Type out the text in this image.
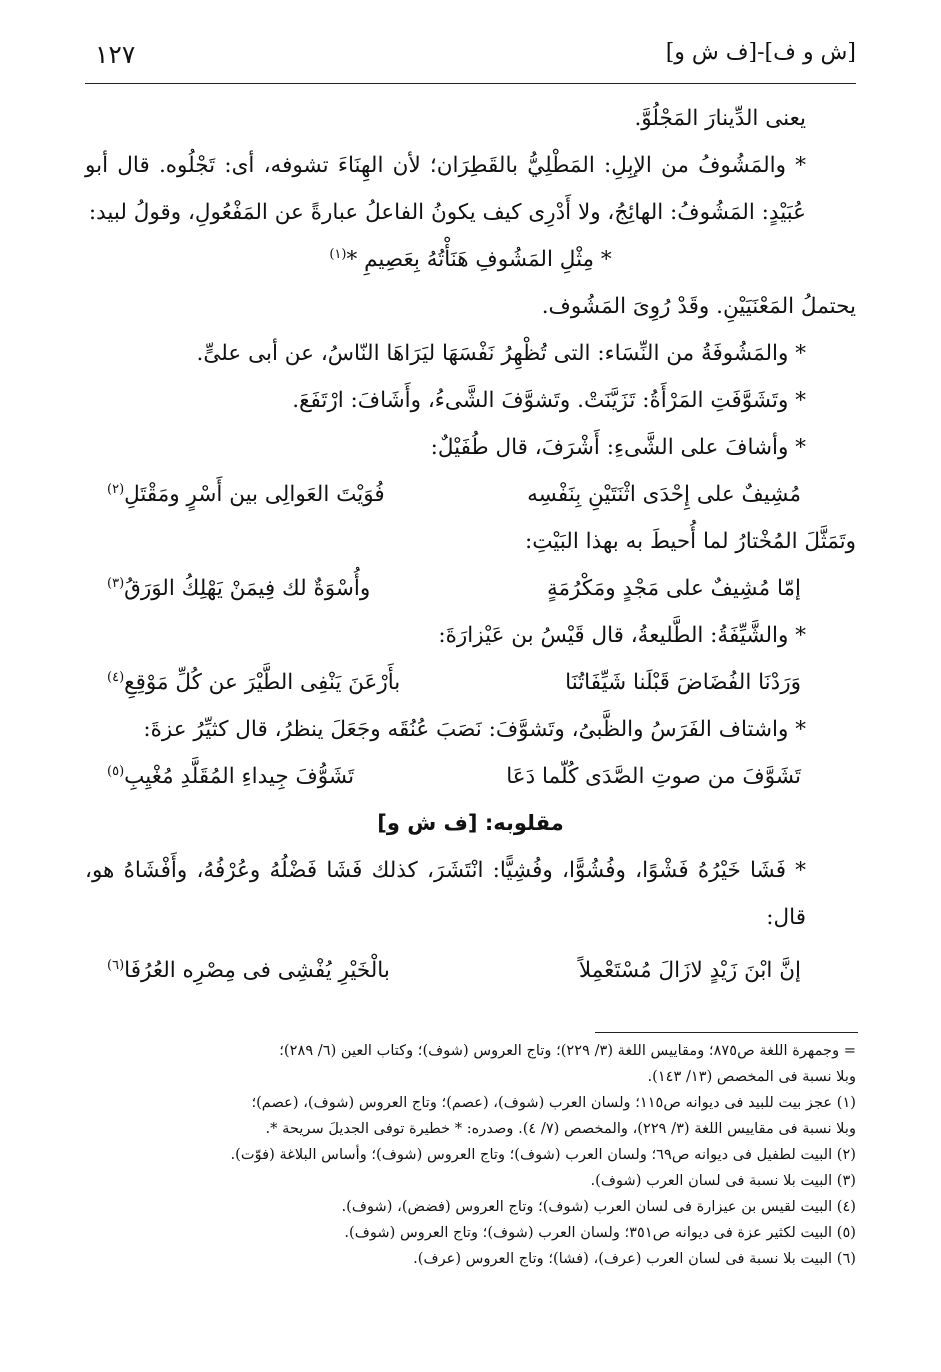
[ش و ف]-[ف ش و]
١٢٧

يعنى الدِّينارَ المَجْلُوَّ.

* والمَشُوفُ من الإبِلِ: المَطْلِيُّ بالقَطِرَان؛ لأن الهِنَاءَ تشوفه، أى: تَجْلُوه. قال أبو عُبَيْدٍ: المَشُوفُ: الهائِجُ، ولا أَدْرِى كيف يكونُ الفاعلُ عبارةً عن المَفْعُولِ، وقولُ لبيد:

* مِثْلِ المَشُوفِ هَنَأْتُهُ بِعَصِيمِ *$^{(١)}$

يحتملُ المَعْنَيَيْنِ. وقَدْ رُوِىَ المَشُوف.

* والمَشُوفَةُ من النِّسَاء: التى تُظْهِرُ نَفْسَهَا ليَرَاهَا النّاسُ، عن أبى علىٍّ.

* وتَشَوَّفَتِ المَرْأَةُ: تَزَيَّنَتْ. وتَشوَّفَ الشَّىءُ، وأَشَافَ: ارْتَفَعَ.

* وأشافَ على الشَّىءِ: أَشْرَفَ، قال طُفَيْلٌ:

مُشِيفٌ على إِحْدَى اثْنَتَيْنِ بِنَفْسِه
فُوَيْتَ العَوالِى بين أَسْرٍ ومَقْتَلِ$^{(٢)}$

وتَمَثَّلَ المُخْتارُ لما أُحيطَ به بهذا البَيْتِ:

إمّا مُشِيفٌ على مَجْدٍ ومَكْرُمَةٍ
وأُسْوَةٌ لك فِيمَنْ يَهْلِكُ الوَرَقُ$^{(٣)}$

* والشَّيِّفَةُ: الطَّليعةُ، قال قَيْسُ بن عَيْزارَةَ:

وَرَدْنَا الفُضَاضَ قَبْلَنا شَيِّفَاتُنَا
بأَرْعَنَ يَنْفِى الطَّيْرَ عن كُلِّ مَوْقِعِ$^{(٤)}$

* واشتاف الفَرَسُ والظَّبىُ، وتَشوَّفَ: نَصَبَ عُنُقَه وجَعَلَ ينظرُ، قال كثيِّرُ عزةَ:

تَشَوَّفَ من صوتِ الصَّدَى كُلّما دَعَا
تَشَوُّفَ جِيداءِ المُقَلَّدِ مُغْيِبِ$^{(٥)}$

مقلوبه: [ف ش و]

* فَشَا خَيْرُهُ فَشْوًا، وفُشُوًّا، وفُشِيًّا: انْتَشَرَ، كذلك فَشَا فَضْلُهُ وعُرْفُهُ، وأَفْشَاهُ هو، قال:

إنَّ ابْنَ زَيْدٍ لازَالَ مُسْتَعْمِلاً
بالْخَيْرِ يُفْشِى فى مِصْرِه العُرُفَا$^{(٦)}$

= وجمهرة اللغة ص٨٧٥؛ ومقاييس اللغة (٣/ ٢٢٩)؛ وتاج العروس (شوف)؛ وكتاب العين (٦/ ٢٨٩)؛

وبلا نسبة فى المخصص (١٣/ ١٤٣).

(١) عجز بيت للبيد فى ديوانه ص١١٥؛ ولسان العرب (شوف)، (عصم)؛ وتاج العروس (شوف)، (عصم)؛

وبلا نسبة فى مقاييس اللغة (٣/ ٢٢٩)، والمخصص (٧/ ٤). وصدره: * خطيرة توفى الجديلَ سريحة *.

(٢) البيت لطفيل فى ديوانه ص٦٩؛ ولسان العرب (شوف)؛ وتاج العروس (شوف)؛ وأساس البلاغة (فوّت).

(٣) البيت بلا نسبة فى لسان العرب (شوف).

(٤) البيت لقيس بن عيزارة فى لسان العرب (شوف)؛ وتاج العروس (فضض)، (شوف).

(٥) البيت لكثير عزة فى ديوانه ص٣٥١؛ ولسان العرب (شوف)؛ وتاج العروس (شوف).

(٦) البيت بلا نسبة فى لسان العرب (عرف)، (فشا)؛ وتاج العروس (عرف).
